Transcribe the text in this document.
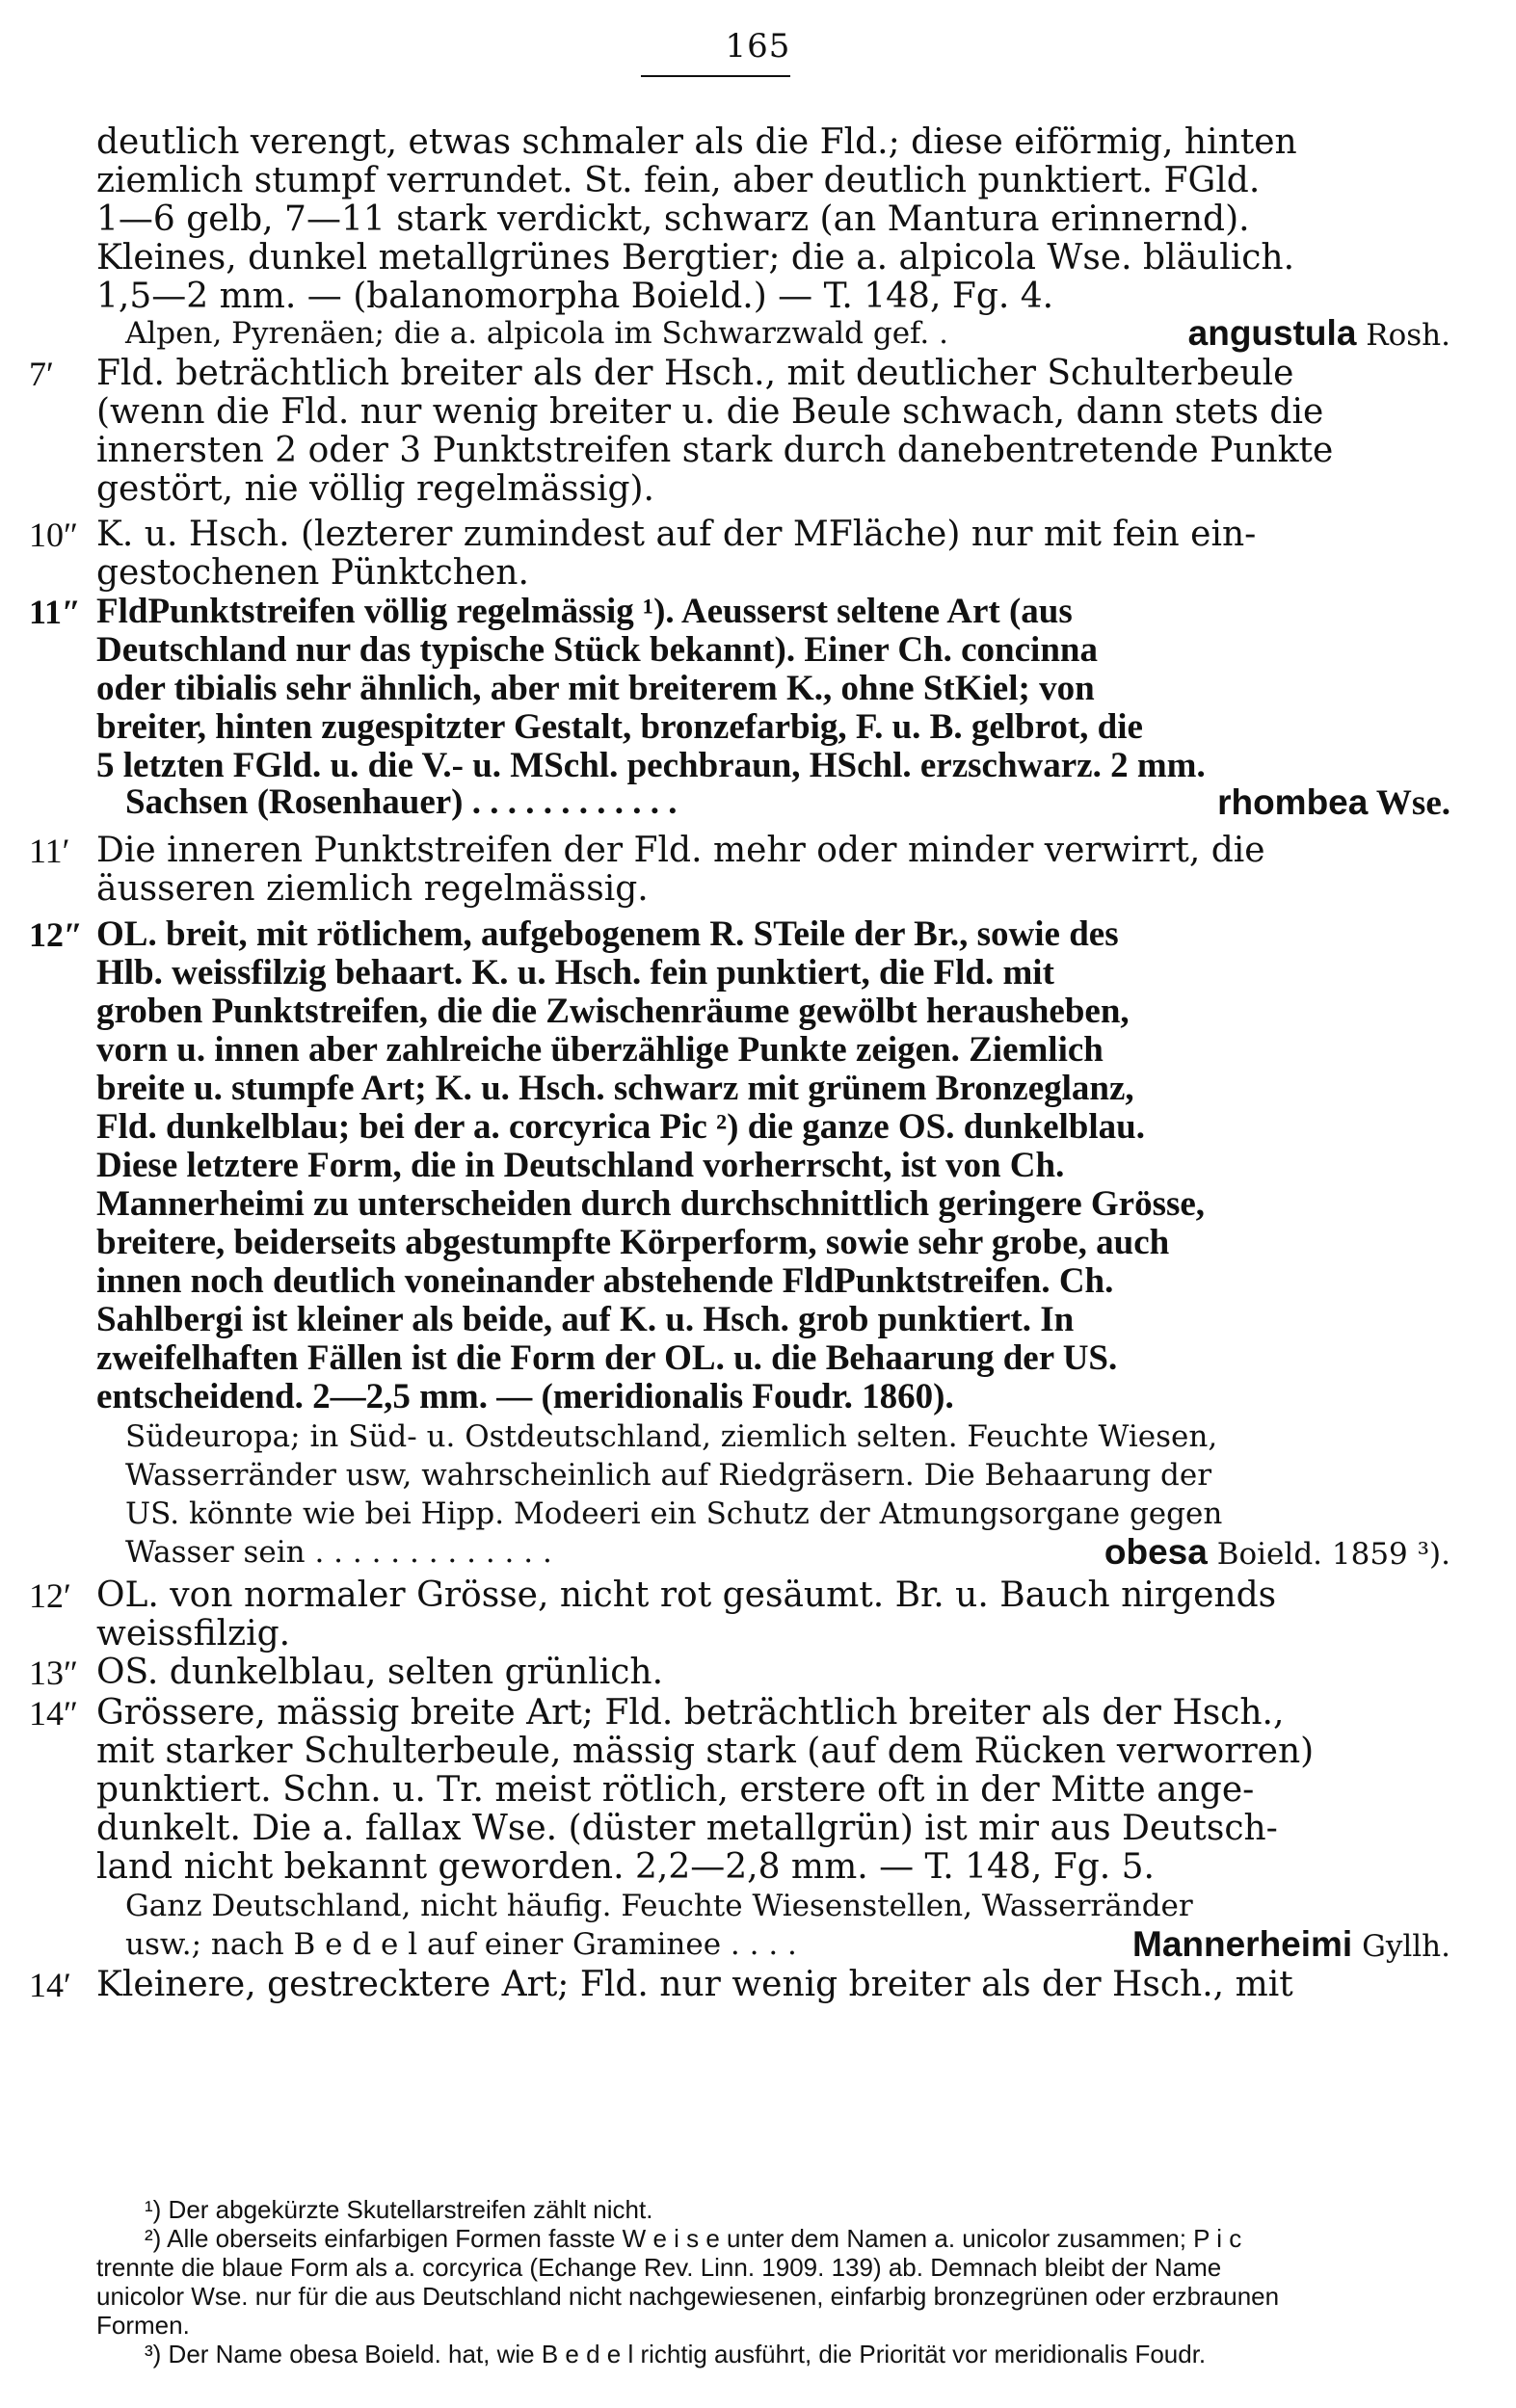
165
deutlich verengt, etwas schmaler als die Fld.; diese eiförmig, hinten
ziemlich stumpf verrundet. St. fein, aber deutlich punktiert. FGld.
1—6 gelb, 7—11 stark verdickt, schwarz (an Mantura erinnernd).
Kleines, dunkel metallgrünes Bergtier; die a. alpicola Wse. bläulich.
1,5—2 mm. — (balanomorpha Boield.) — T. 148, Fg. 4.
Alpen, Pyrenäen; die a. alpicola im Schwarzwald gef. .	angustula Rosh.
7′	Fld. beträchtlich breiter als der Hsch., mit deutlicher Schulterbeule
(wenn die Fld. nur wenig breiter u. die Beule schwach, dann stets die
innersten 2 oder 3 Punktstreifen stark durch danebentretende Punkte
gestört, nie völlig regelmässig).
10″ K. u. Hsch. (lezterer zumindest auf der MFläche) nur mit fein ein-
gestochenen Pünktchen.
11″ FldPunktstreifen völlig regelmässig ¹). Aeusserst seltene Art (aus
Deutschland nur das typische Stück bekannt). Einer Ch. concinna
oder tibialis sehr ähnlich, aber mit breiterem K., ohne StKiel; von
breiter, hinten zugespitzter Gestalt, bronzefarbig, F. u. B. gelbrot, die
5 letzten FGld. u. die V.- u. MSchl. pechbraun, HSchl. erzschwarz. 2 mm.
Sachsen (Rosenhauer) . . . . . . . . . . . .	rhombea Wse.
11′ Die inneren Punktstreifen der Fld. mehr oder minder verwirrt, die
äusseren ziemlich regelmässig.
12″ OL. breit, mit rötlichem, aufgebogenem R. STeile der Br., sowie des
Hlb. weissfilzig behaart. K. u. Hsch. fein punktiert, die Fld. mit
groben Punktstreifen, die die Zwischenräume gewölbt herausheben,
vorn u. innen aber zahlreiche überzählige Punkte zeigen. Ziemlich
breite u. stumpfe Art; K. u. Hsch. schwarz mit grünem Bronzeglanz,
Fld. dunkelblau; bei der a. corcyrica Pic ²) die ganze OS. dunkelblau.
Diese letztere Form, die in Deutschland vorherrscht, ist von Ch.
Mannerheimi zu unterscheiden durch durchschnittlich geringere Grösse,
breitere, beiderseits abgestumpfte Körperform, sowie sehr grobe, auch
innen noch deutlich voneinander abstehende FldPunktstreifen. Ch.
Sahlbergi ist kleiner als beide, auf K. u. Hsch. grob punktiert. In
zweifelhaften Fällen ist die Form der OL. u. die Behaarung der US.
entscheidend. 2—2,5 mm. — (meridionalis Foudr. 1860).
Südeuropa; in Süd- u. Ostdeutschland, ziemlich selten. Feuchte Wiesen,
Wasserränder usw, wahrscheinlich auf Riedgräsern. Die Behaarung der
US. könnte wie bei Hipp. Modeeri ein Schutz der Atmungsorgane gegen
Wasser sein . . . . . . . . . . . . .	obesa Boield. 1859 ³).
12′ OL. von normaler Grösse, nicht rot gesäumt. Br. u. Bauch nirgends
weissfilzig.
13″ OS. dunkelblau, selten grünlich.
14″ Grössere, mässig breite Art; Fld. beträchtlich breiter als der Hsch.,
mit starker Schulterbeule, mässig stark (auf dem Rücken verworren)
punktiert. Schn. u. Tr. meist rötlich, erstere oft in der Mitte ange-
dunkelt. Die a. fallax Wse. (düster metallgrün) ist mir aus Deutsch-
land nicht bekannt geworden. 2,2—2,8 mm. — T. 148, Fg. 5.
Ganz Deutschland, nicht häufig. Feuchte Wiesenstellen, Wasserränder
usw.; nach B e d e l auf einer Graminee . . . .	Mannerheimi Gyllh.
14′ Kleinere, gestrecktere Art; Fld. nur wenig breiter als der Hsch., mit
¹) Der abgekürzte Skutellarstreifen zählt nicht.
²) Alle oberseits einfarbigen Formen fasste W e i s e unter dem Namen a. unicolor zusammen; P i c
trennte die blaue Form als a. corcyrica (Echange Rev. Linn. 1909. 139) ab. Demnach bleibt der Name
unicolor Wse. nur für die aus Deutschland nicht nachgewiesenen, einfarbig bronzegrünen oder erzbraunen
Formen.
³) Der Name obesa Boield. hat, wie B e d e l richtig ausführt, die Priorität vor meridionalis Foudr.
